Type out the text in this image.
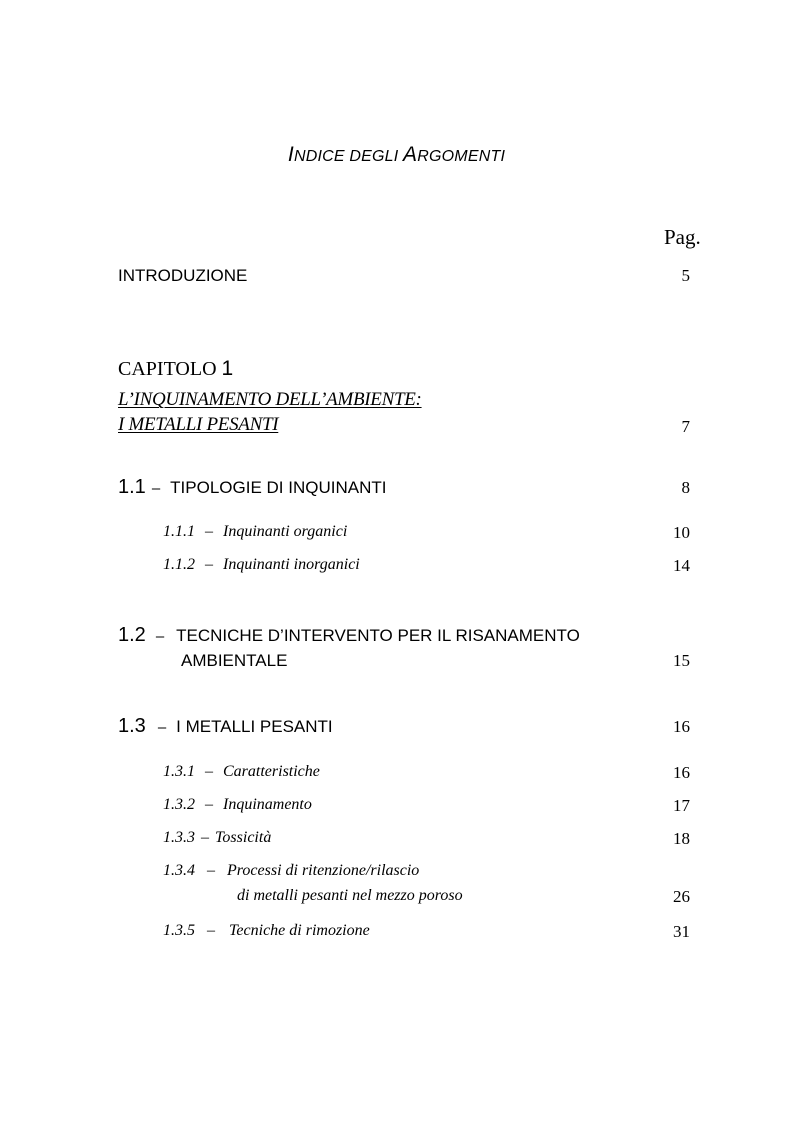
INDICE DEGLI ARGOMENTI
Pag.
INTRODUZIONE	5
CAPITOLO 1
L’INQUINAMENTO DELL’AMBIENTE:
I METALLI PESANTI	7
1.1 – TIPOLOGIE DI INQUINANTI	8
1.1.1 – Inquinanti organici	10
1.1.2 – Inquinanti inorganici	14
1.2 – TECNICHE D’INTERVENTO PER IL RISANAMENTO
AMBIENTALE	15
1.3 – I METALLI PESANTI	16
1.3.1 – Caratteristiche	16
1.3.2 – Inquinamento	17
1.3.3 – Tossicità	18
1.3.4 – Processi di ritenzione/rilascio
di metalli pesanti nel mezzo poroso	26
1.3.5 – Tecniche di rimozione	31
